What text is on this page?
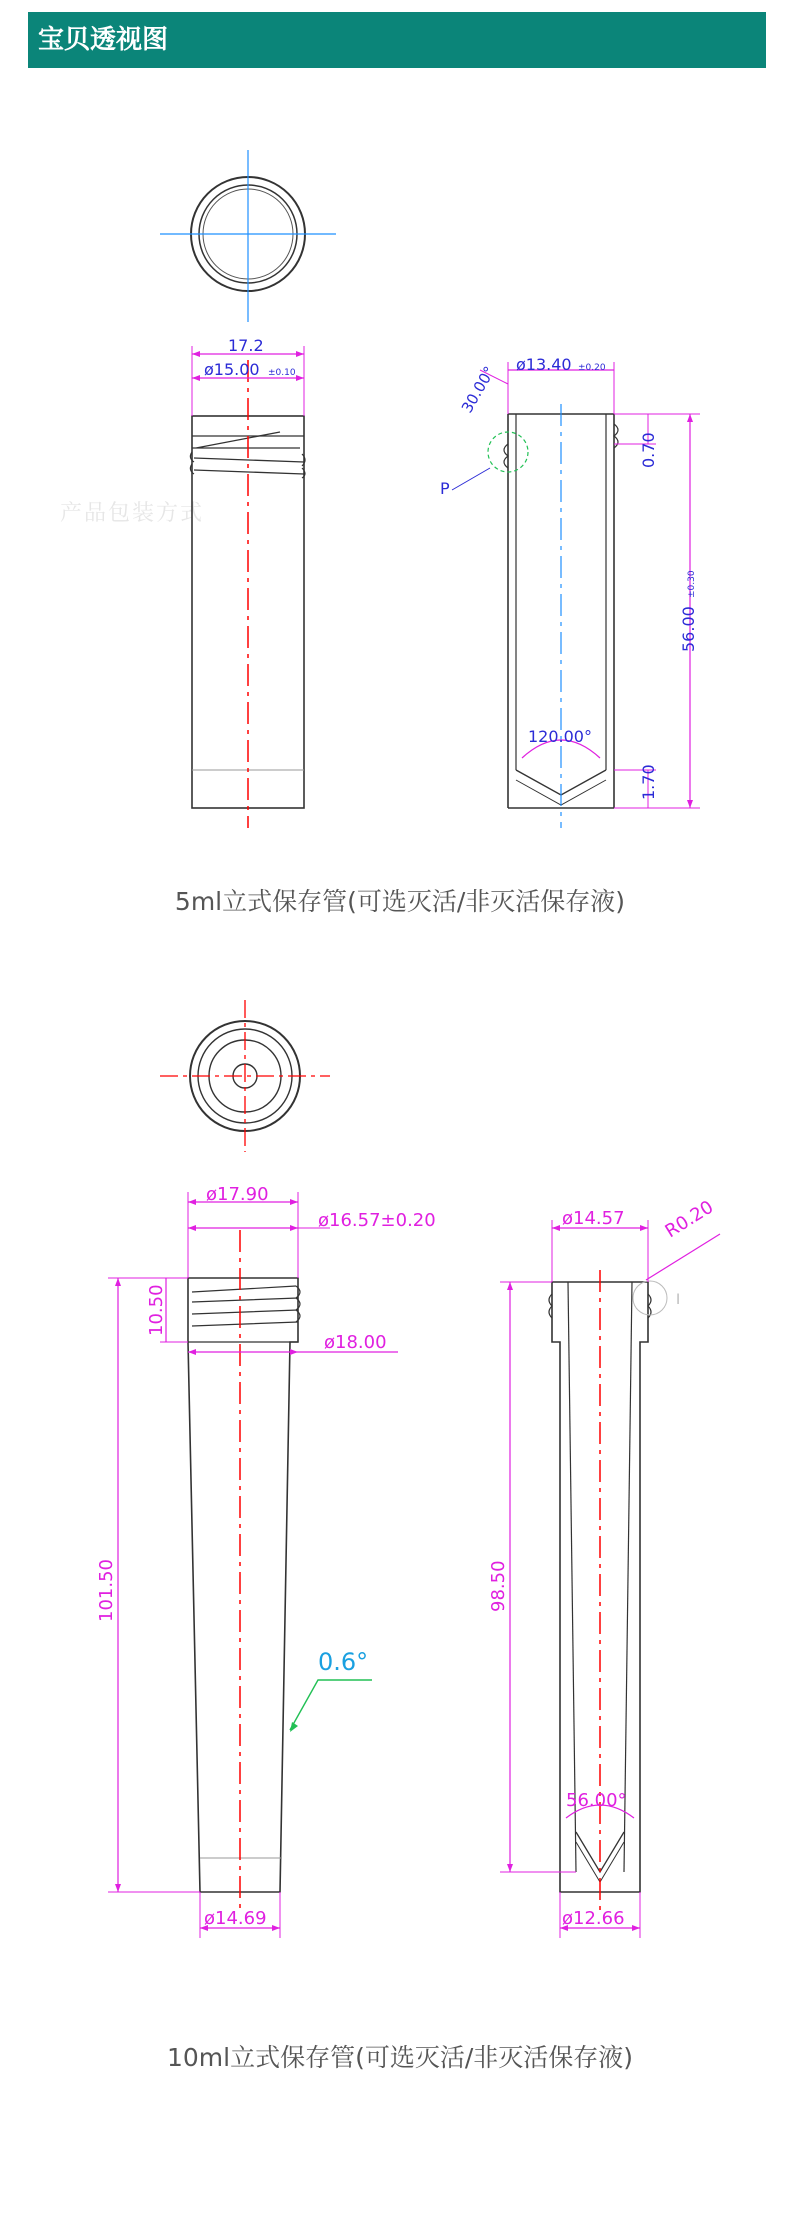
宝贝透视图
产品包装方式
17.2
ø15.00 ±0.10	ø13.40 ±0.20
30.00°
P
0.70
56.00
±0.30
120.00°
1.70
5ml立式保存管(可选灭活/非灭活保存液)
ø17.90
ø16.57±0.20
ø18.00
10.50
101.50
0.6°
ø14.69
ø14.57 R0.20
98.50
56.00°
ø12.66
I
10ml立式保存管(可选灭活/非灭活保存液)
